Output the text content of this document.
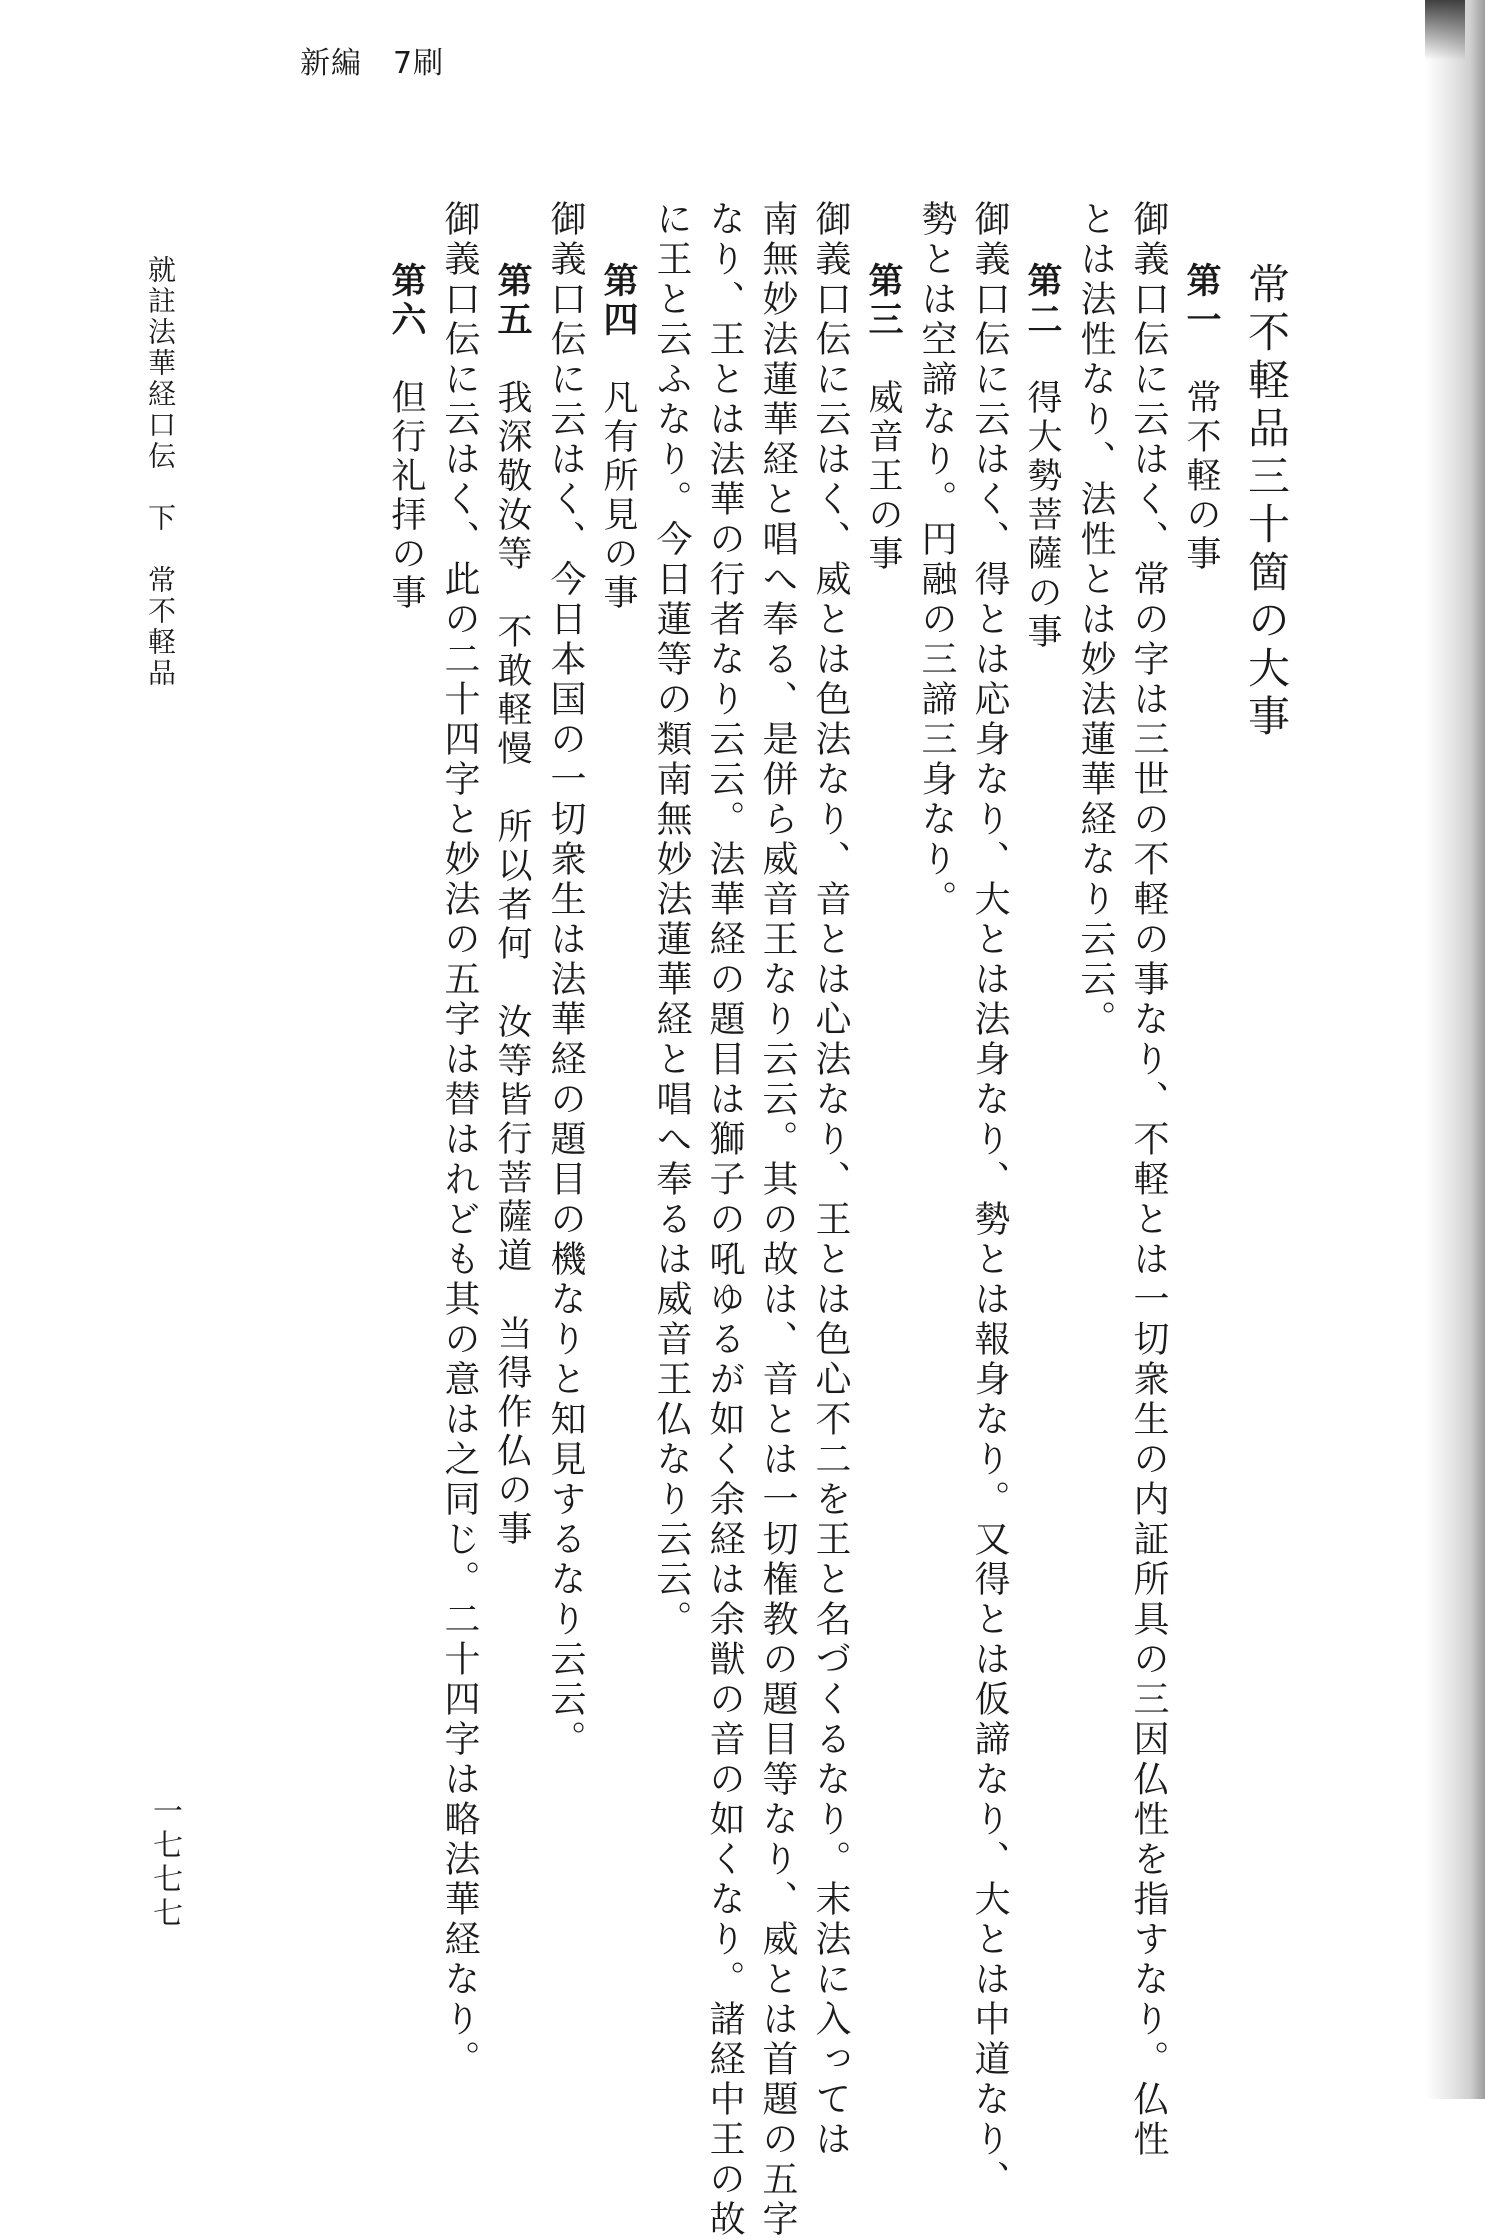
新編　7刷
常不軽品三十箇の大事
第一　常不軽の事
御義口伝に云はく、常の字は三世の不軽の事なり、不軽とは一切衆生の内証所具の三因仏性を指すなり。仏性
とは法性なり、法性とは妙法蓮華経なり云云。
第二　得大勢菩薩の事
御義口伝に云はく、得とは応身なり、大とは法身なり、勢とは報身なり。又得とは仮諦なり、大とは中道なり、
勢とは空諦なり。円融の三諦三身なり。
第三　威音王の事
御義口伝に云はく、威とは色法なり、音とは心法なり、王とは色心不二を王と名づくるなり。末法に入っては
南無妙法蓮華経と唱へ奉る、是併ら威音王なり云云。其の故は、音とは一切権教の題目等なり、威とは首題の五字
なり、王とは法華の行者なり云云。法華経の題目は獅子の吼ゆるが如く余経は余獣の音の如くなり。諸経中王の故
に王と云ふなり。今日蓮等の類南無妙法蓮華経と唱へ奉るは威音王仏なり云云。
第四　凡有所見の事
御義口伝に云はく、今日本国の一切衆生は法華経の題目の機なりと知見するなり云云。
第五　我深敬汝等　不敢軽慢　所以者何　汝等皆行菩薩道　当得作仏の事
御義口伝に云はく、此の二十四字と妙法の五字は替はれども其の意は之同じ。二十四字は略法華経なり。
第六　但行礼拝の事
就註法華経口伝　下　常不軽品
一七七七
